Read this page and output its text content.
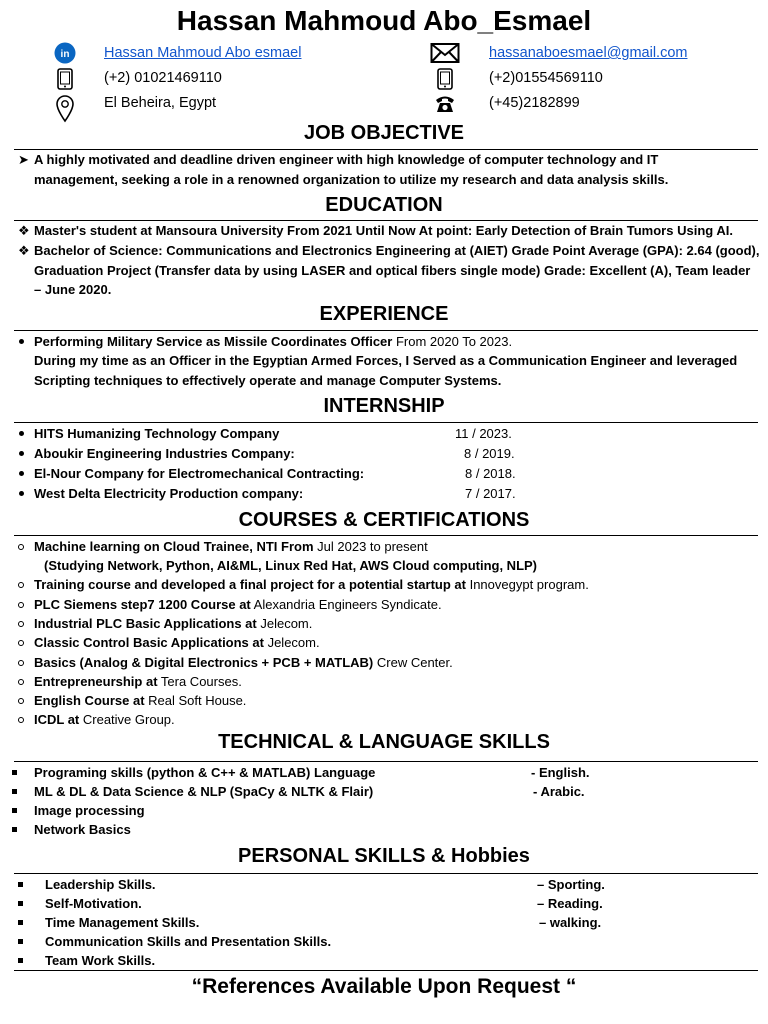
Hassan Mahmoud Abo_Esmael
in Hassan Mahmoud Abo esmael	hassanaboesmael@gmail.com
(+2) 01021469110	(+2)01554569110
El Beheira, Egypt	(+45)2182899
JOB OBJECTIVE
➤ A highly motivated and deadline driven engineer with high knowledge of computer technology and IT
management, seeking a role in a renowned organization to utilize my research and data analysis skills.
EDUCATION
❖ Master's student at Mansoura University From 2021 Until Now At point: Early Detection of Brain Tumors Using AI.
❖ Bachelor of Science: Communications and Electronics Engineering at (AIET) Grade Point Average (GPA): 2.64 (good),
Graduation Project (Transfer data by using LASER and optical fibers single mode) Grade: Excellent (A), Team leader
– June 2020.
EXPERIENCE
Performing Military Service as Missile Coordinates Officer From 2020 To 2023.
During my time as an Officer in the Egyptian Armed Forces, I Served as a Communication Engineer and leveraged
Scripting techniques to effectively operate and manage Computer Systems.
INTERNSHIP
HITS Humanizing Technology Company	11 / 2023.
Aboukir Engineering Industries Company:	8 / 2019.
El-Nour Company for Electromechanical Contracting:	8 / 2018.
West Delta Electricity Production company:	7 / 2017.
COURSES & CERTIFICATIONS
Machine learning on Cloud Trainee, NTI From Jul 2023 to present
(Studying Network, Python, AI&ML, Linux Red Hat, AWS Cloud computing, NLP)
Training course and developed a final project for a potential startup at Innovegypt program.
PLC Siemens step7 1200 Course at Alexandria Engineers Syndicate.
Industrial PLC Basic Applications at Jelecom.
Classic Control Basic Applications at Jelecom.
Basics (Analog & Digital Electronics + PCB + MATLAB) Crew Center.
Entrepreneurship at Tera Courses.
English Course at Real Soft House.
ICDL at Creative Group.
TECHNICAL & LANGUAGE SKILLS
Programing skills (python & C++ & MATLAB) Language	- English.
ML & DL & Data Science & NLP (SpaCy & NLTK & Flair)	- Arabic.
Image processing
Network Basics
PERSONAL SKILLS & Hobbies
Leadership Skills.	– Sporting.
Self-Motivation.	– Reading.
Time Management Skills.	– walking.
Communication Skills and Presentation Skills.
Team Work Skills.
“References Available Upon Request “
